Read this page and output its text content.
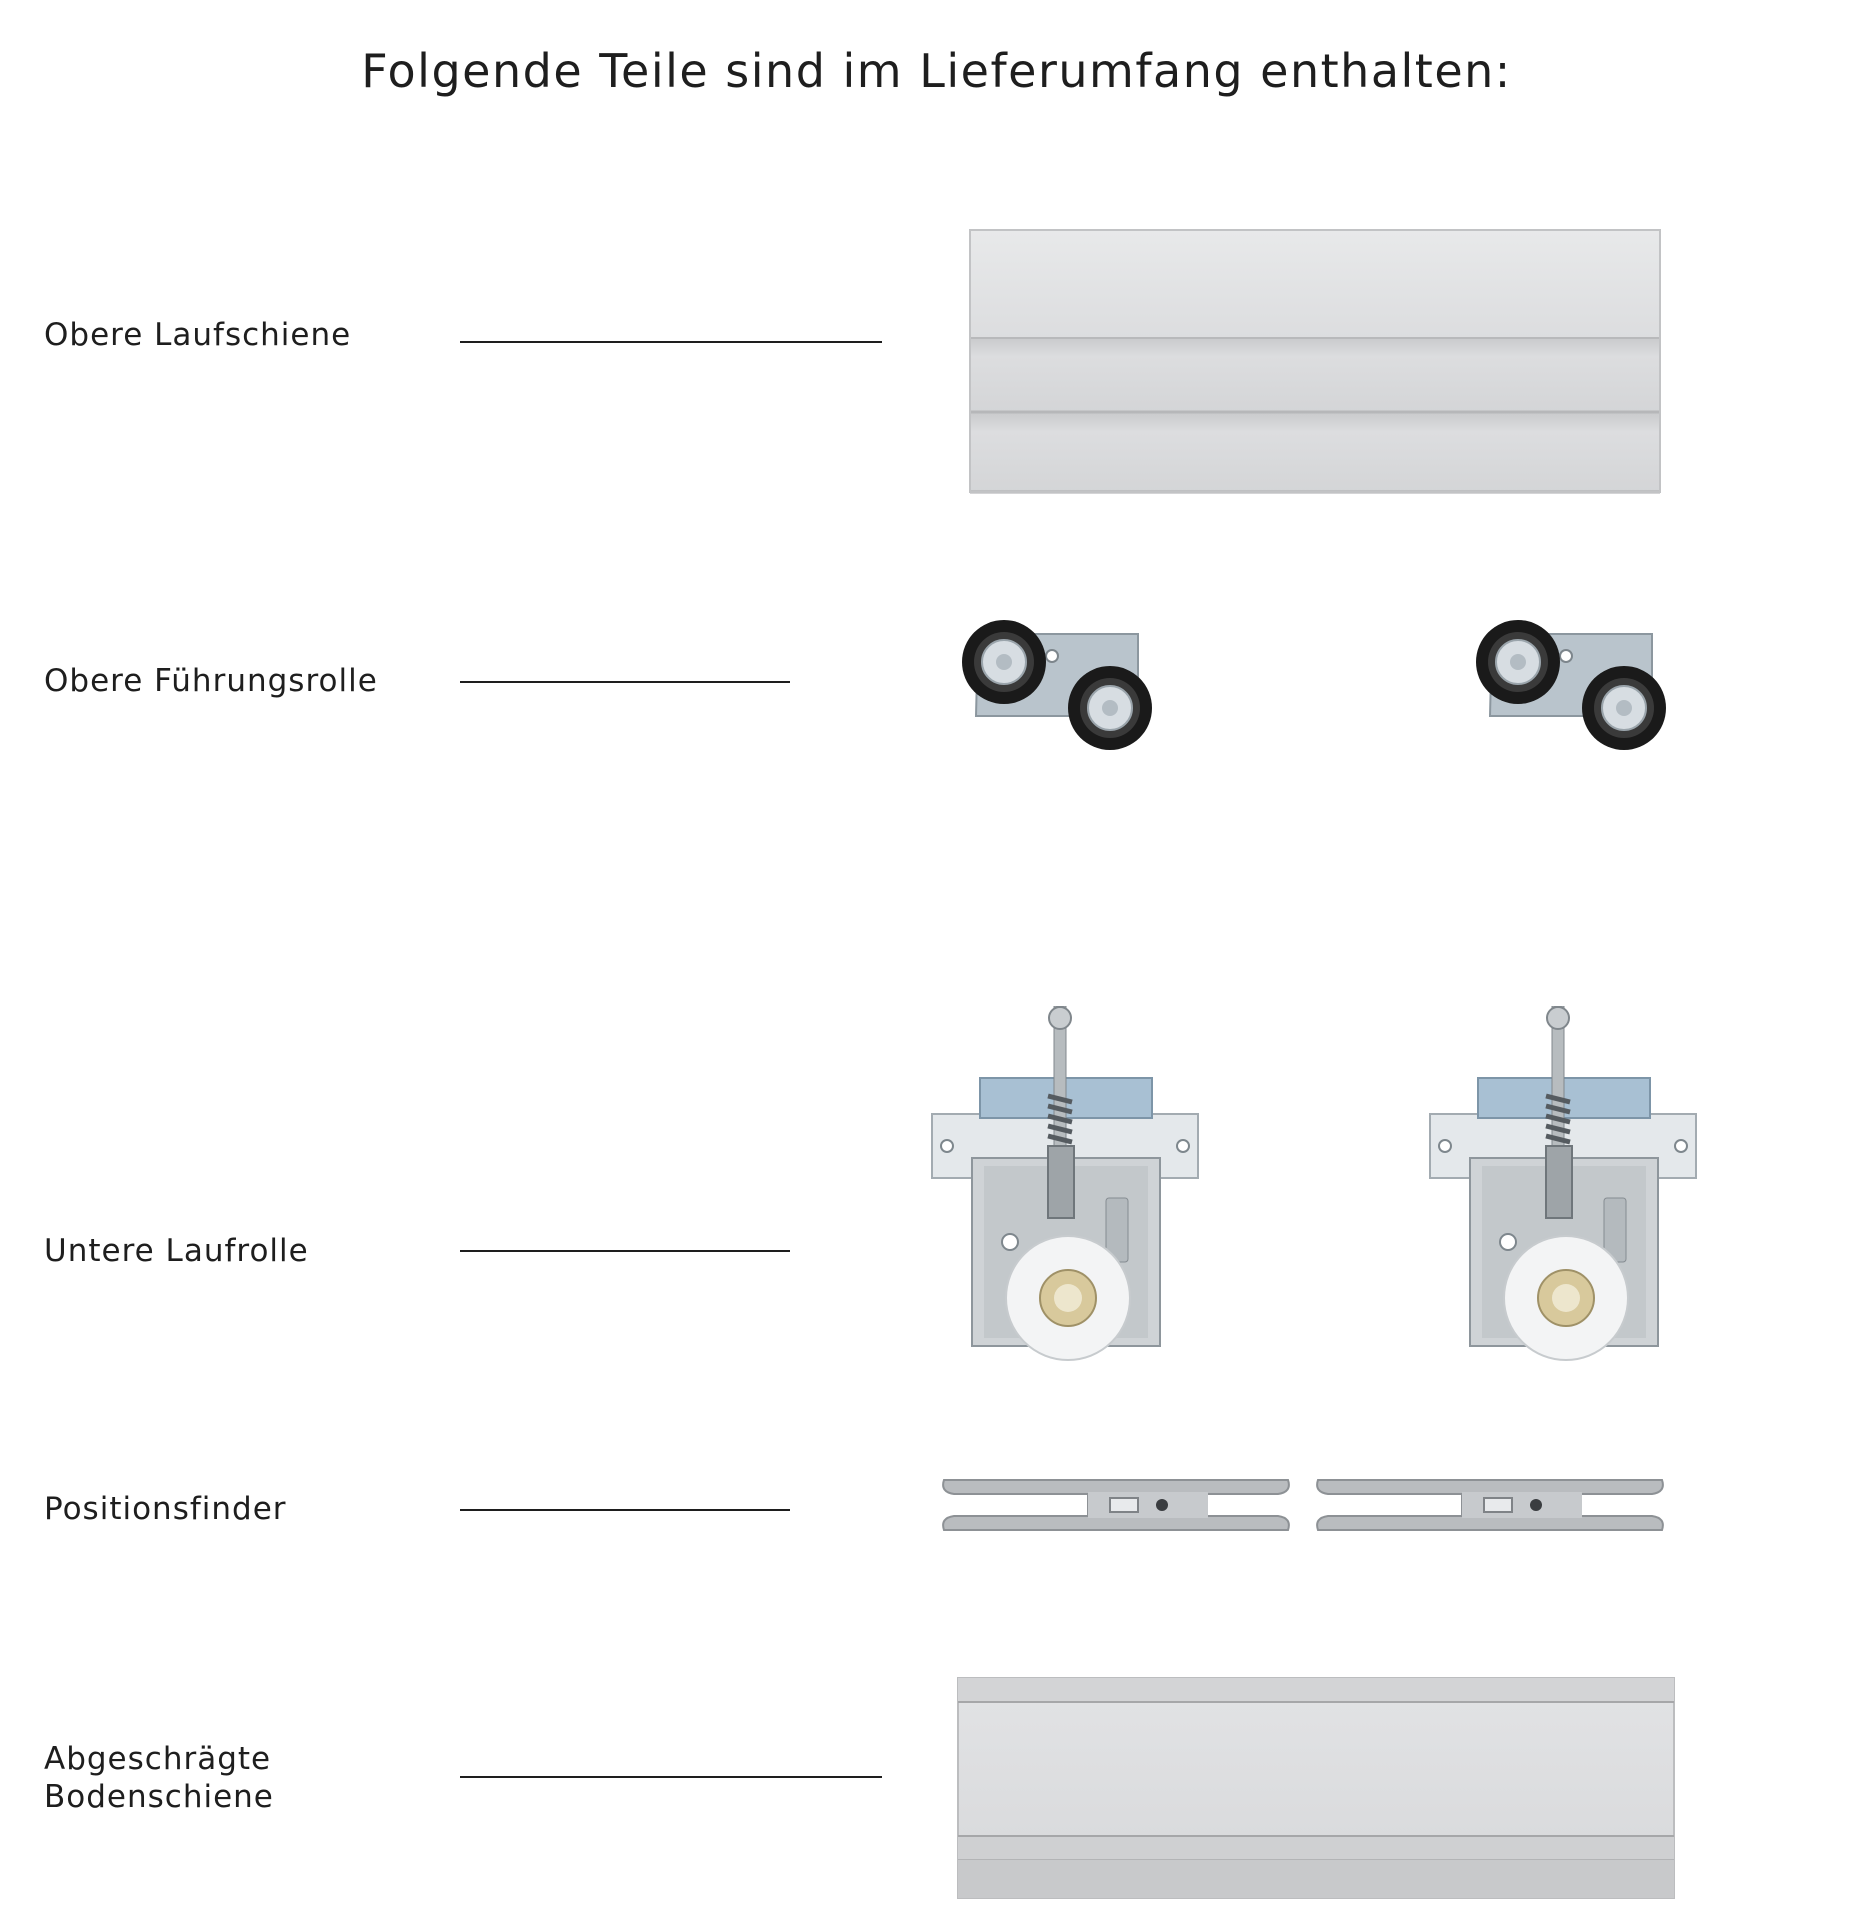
Folgende Teile sind im Lieferumfang enthalten:
Obere Laufschiene
Obere Führungsrolle
Untere Laufrolle
Positionsfinder
Abgeschrägte
Bodenschiene
